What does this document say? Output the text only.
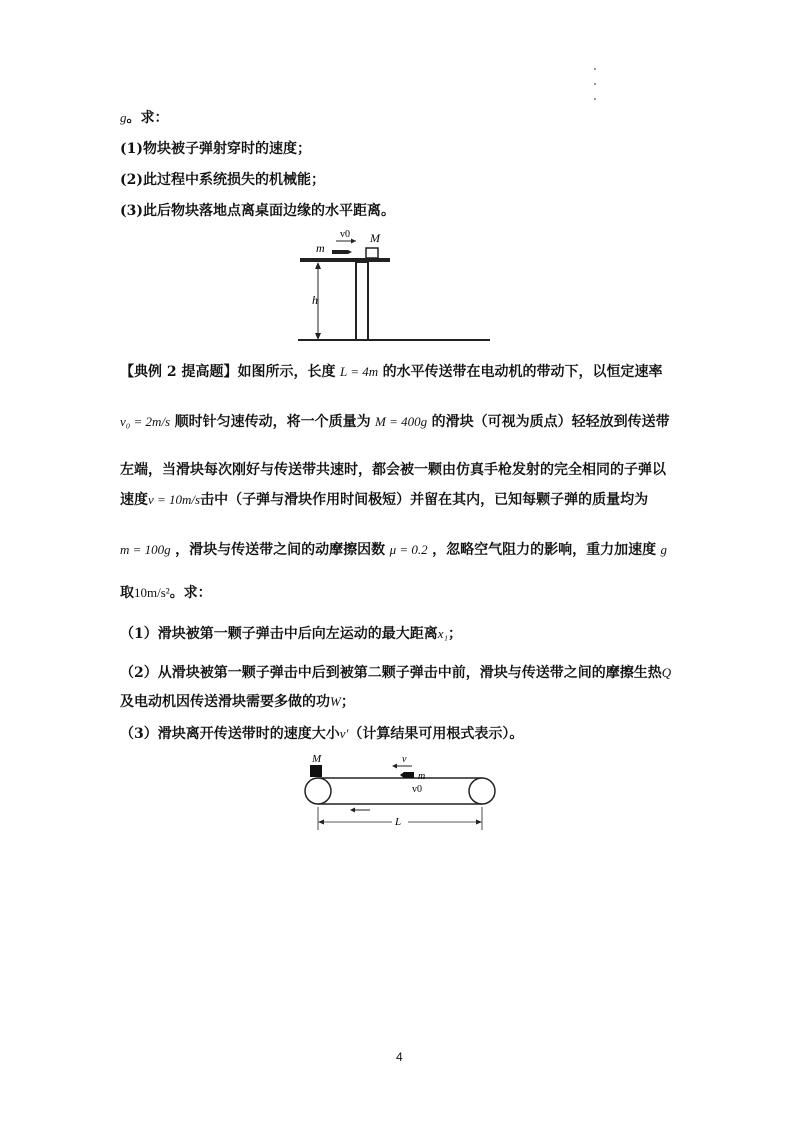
g。求：
(1)物块被子弹射穿时的速度；
(2)此过程中系统损失的机械能；
(3)此后物块落地点离桌面边缘的水平距离。
v0
m
M
h
【典例 2 提高题】如图所示，长度 L = 4m 的水平传送带在电动机的带动下，以恒定速率
v₀ = 2m/s 顺时针匀速传动，将一个质量为 M = 400g 的滑块（可视为质点）轻轻放到传送带
左端，当滑块每次刚好与传送带共速时，都会被一颗由仿真手枪发射的完全相同的子弹以
速度v = 10m/s击中（子弹与滑块作用时间极短）并留在其内，已知每颗子弹的质量均为
m = 100g ，滑块与传送带之间的动摩擦因数 μ = 0.2 ，忽略空气阻力的影响，重力加速度 g
取10m/s²。求：
（1）滑块被第一颗子弹击中后向左运动的最大距离x₁；
（2）从滑块被第一颗子弹击中后到被第二颗子弹击中前，滑块与传送带之间的摩擦生热Q
及电动机因传送滑块需要多做的功W；
（3）滑块离开传送带时的速度大小v′（计算结果可用根式表示）。
M
m
v
v0
L
4
